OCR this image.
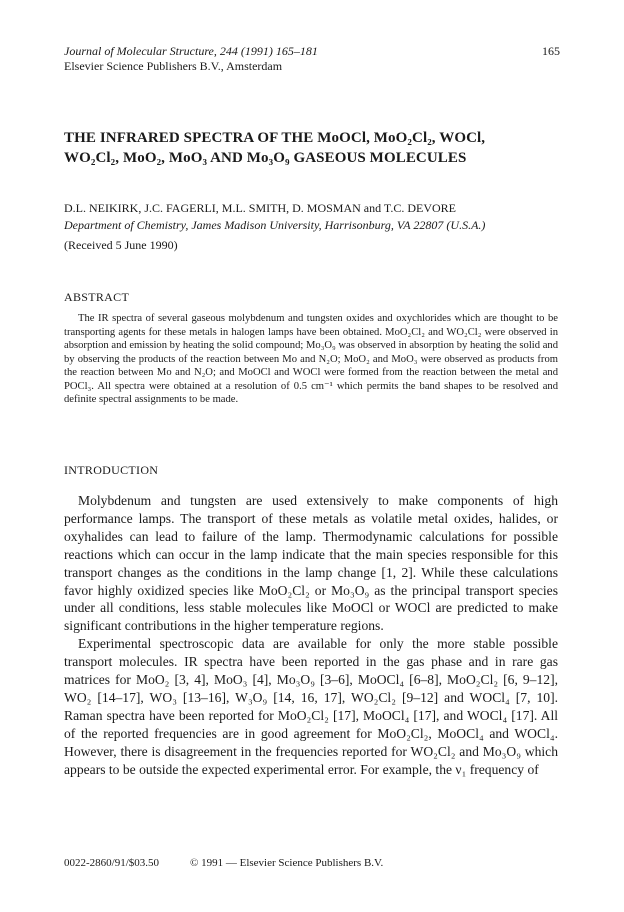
Journal of Molecular Structure, 244 (1991) 165–181
Elsevier Science Publishers B.V., Amsterdam
165
THE INFRARED SPECTRA OF THE MoOCl, MoO₂Cl₂, WOCl,
WO₂Cl₂, MoO₂, MoO₃ AND Mo₃O₉ GASEOUS MOLECULES
D.L. NEIKIRK, J.C. FAGERLI, M.L. SMITH, D. MOSMAN and T.C. DEVORE
Department of Chemistry, James Madison University, Harrisonburg, VA 22807 (U.S.A.)
(Received 5 June 1990)
ABSTRACT

The IR spectra of several gaseous molybdenum and tungsten oxides and oxychlorides which are thought to be transporting agents for these metals in halogen lamps have been obtained. MoO₂Cl₂ and WO₂Cl₂ were observed in absorption and emission by heating the solid compound; Mo₃O₉ was observed in absorption by heating the solid and by observing the products of the reaction between Mo and N₂O; MoO₂ and MoO₃ were observed as products from the reaction between Mo and N₂O; and MoOCl and WOCl were formed from the reaction between the metal and POCl₃. All spectra were obtained at a resolution of 0.5 cm⁻¹ which permits the band shapes to be resolved and definite spectral assignments to be made.

INTRODUCTION

Molybdenum and tungsten are used extensively to make components of high performance lamps. The transport of these metals as volatile metal oxides, halides, or oxyhalides can lead to failure of the lamp. Thermodynamic calculations for possible reactions which can occur in the lamp indicate that the main species responsible for this transport changes as the conditions in the lamp change [1, 2]. While these calculations favor highly oxidized species like MoO₂Cl₂ or Mo₃O₉ as the principal transport species under all conditions, less stable molecules like MoOCl or WOCl are predicted to make significant contributions in the higher temperature regions.

Experimental spectroscopic data are available for only the more stable possible transport molecules. IR spectra have been reported in the gas phase and in rare gas matrices for MoO₂ [3, 4], MoO₃ [4], Mo₃O₉ [3–6], MoOCl₄ [6–8], MoO₂Cl₂ [6, 9–12], WO₂ [14–17], WO₃ [13–16], W₃O₉ [14, 16, 17], WO₂Cl₂ [9–12] and WOCl₄ [7, 10]. Raman spectra have been reported for MoO₂Cl₂ [17], MoOCl₄ [17], and WOCl₄ [17]. All of the reported frequencies are in good agreement for MoO₂Cl₂, MoOCl₄ and WOCl₄. However, there is disagreement in the frequencies reported for WO₂Cl₂ and Mo₃O₉ which appears to be outside the expected experimental error. For example, the ν₁ frequency of

0022-2860/91/$03.50	© 1991 — Elsevier Science Publishers B.V.
